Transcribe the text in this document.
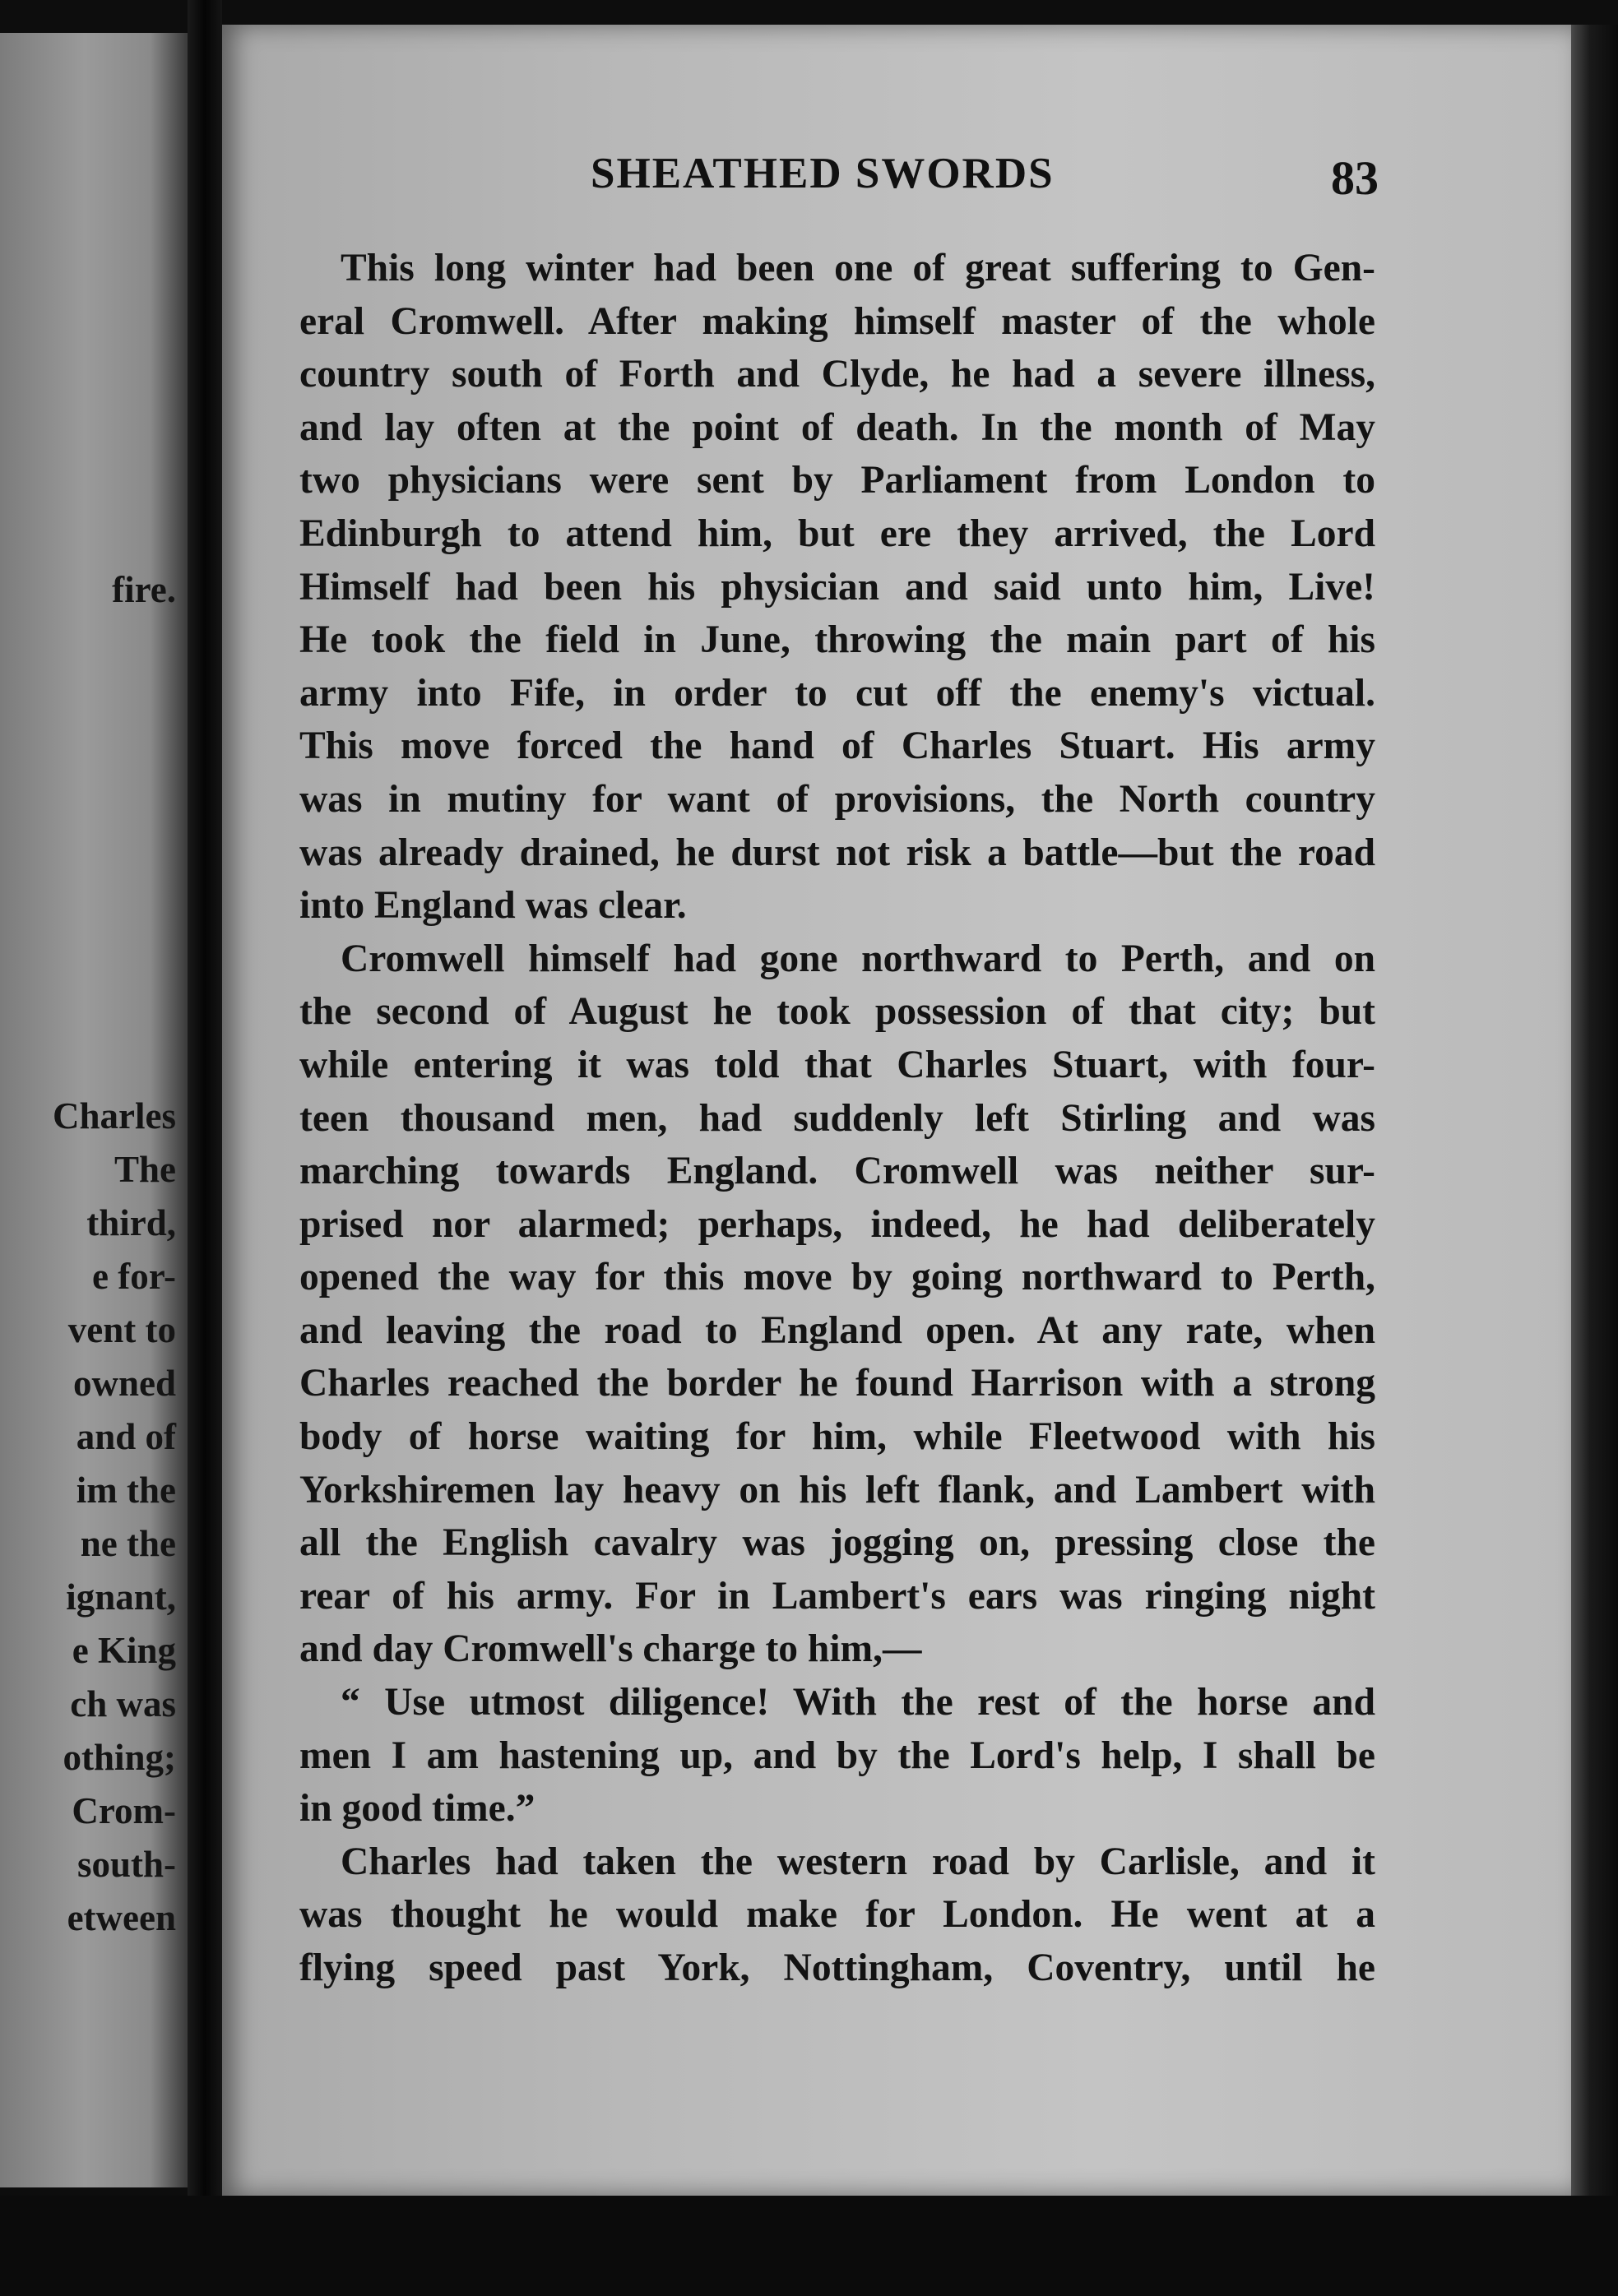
fire.
Charles
The
third,
e for-
vent to
owned
and of
im the
ne the
ignant,
e King
ch was
othing;
Crom-
south-
etween
SHEATHED SWORDS	83
This long winter had been one of great suffering to Gen-
eral Cromwell. After making himself master of the whole
country south of Forth and Clyde, he had a severe illness,
and lay often at the point of death. In the month of May
two physicians were sent by Parliament from London to
Edinburgh to attend him, but ere they arrived, the Lord
Himself had been his physician and said unto him, Live!
He took the field in June, throwing the main part of his
army into Fife, in order to cut off the enemy's victual.
This move forced the hand of Charles Stuart. His army
was in mutiny for want of provisions, the North country
was already drained, he durst not risk a battle—but the road
into England was clear.
Cromwell himself had gone northward to Perth, and on
the second of August he took possession of that city; but
while entering it was told that Charles Stuart, with four-
teen thousand men, had suddenly left Stirling and was
marching towards England. Cromwell was neither sur-
prised nor alarmed; perhaps, indeed, he had deliberately
opened the way for this move by going northward to Perth,
and leaving the road to England open. At any rate, when
Charles reached the border he found Harrison with a strong
body of horse waiting for him, while Fleetwood with his
Yorkshiremen lay heavy on his left flank, and Lambert with
all the English cavalry was jogging on, pressing close the
rear of his army. For in Lambert's ears was ringing night
and day Cromwell's charge to him,—
“ Use utmost diligence! With the rest of the horse and
men I am hastening up, and by the Lord's help, I shall be
in good time.”
Charles had taken the western road by Carlisle, and it
was thought he would make for London. He went at a
flying speed past York, Nottingham, Coventry, until he
